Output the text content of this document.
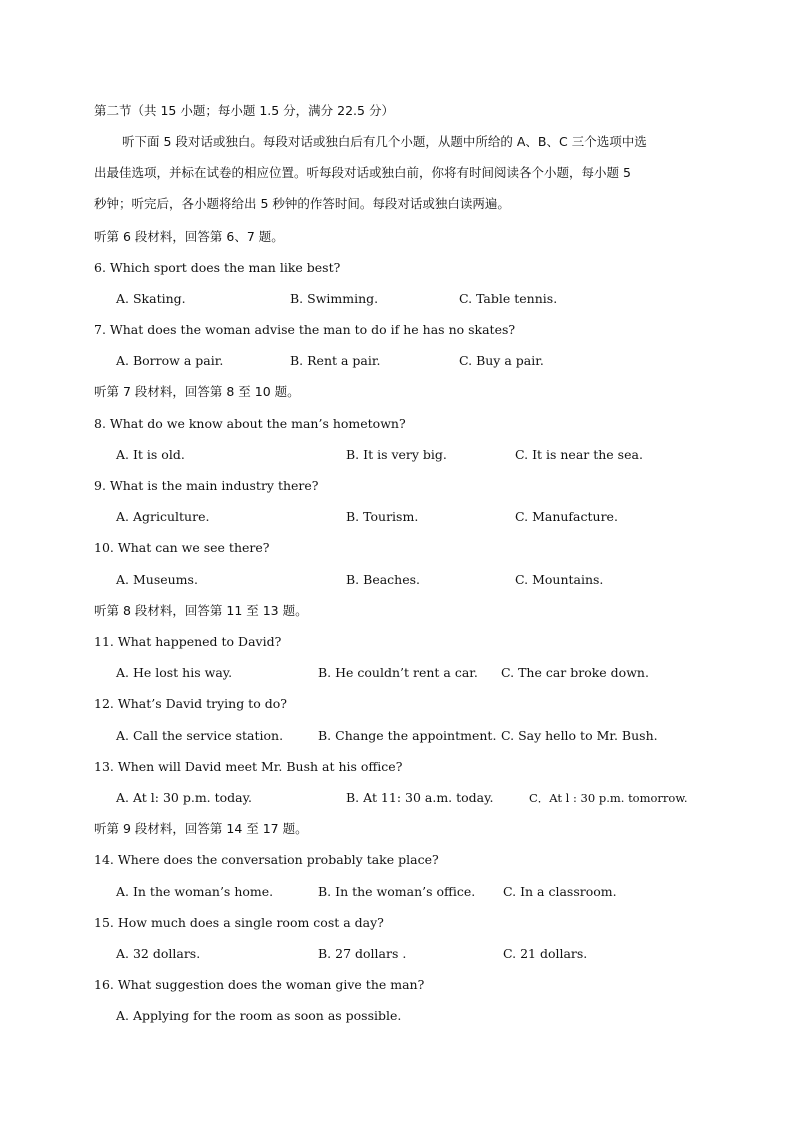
第二节（共 15 小题；每小题 1.5 分，满分 22.5 分）
听下面 5 段对话或独白。每段对话或独白后有几个小题，从题中所给的 A、B、C 三个选项中选
出最佳选项，并标在试卷的相应位置。听每段对话或独白前，你将有时间阅读各个小题，每小题 5
秒钟；听完后，各小题将给出 5 秒钟的作答时间。每段对话或独白读两遍。
听第 6 段材料，回答第 6、7 题。
6. Which sport does the man like best?
A. Skating.	B. Swimming.	C. Table tennis.
7. What does the woman advise the man to do if he has no skates?
A. Borrow a pair.	B. Rent a pair.	C. Buy a pair.
听第 7 段材料，回答第 8 至 10 题。
8. What do we know about the man’s hometown?
A. It is old.	B. It is very big.	C. It is near the sea.
9. What is the main industry there?
A. Agriculture.	B. Tourism.	C. Manufacture.
10. What can we see there?
A. Museums.	B. Beaches.	C. Mountains.
听第 8 段材料，回答第 11 至 13 题。
11. What happened to David?
A. He lost his way.	B. He couldn’t rent a car. C. The car broke down.
12. What’s David trying to do?
A. Call the service station.	B. Change the appointment. C. Say hello to Mr. Bush.
13. When will David meet Mr. Bush at his office?
A. At l: 30 p.m. today.	B. At 11: 30 a.m. today.	C．At l : 30 p.m. tomorrow.
听第 9 段材料，回答第 14 至 17 题。
14. Where does the conversation probably take place?
A. In the woman’s home.	B. In the woman’s office. C. In a classroom.
15. How much does a single room cost a day?
A. 32 dollars.	B. 27 dollars .	C. 21 dollars.
16. What suggestion does the woman give the man?
A. Applying for the room as soon as possible.
